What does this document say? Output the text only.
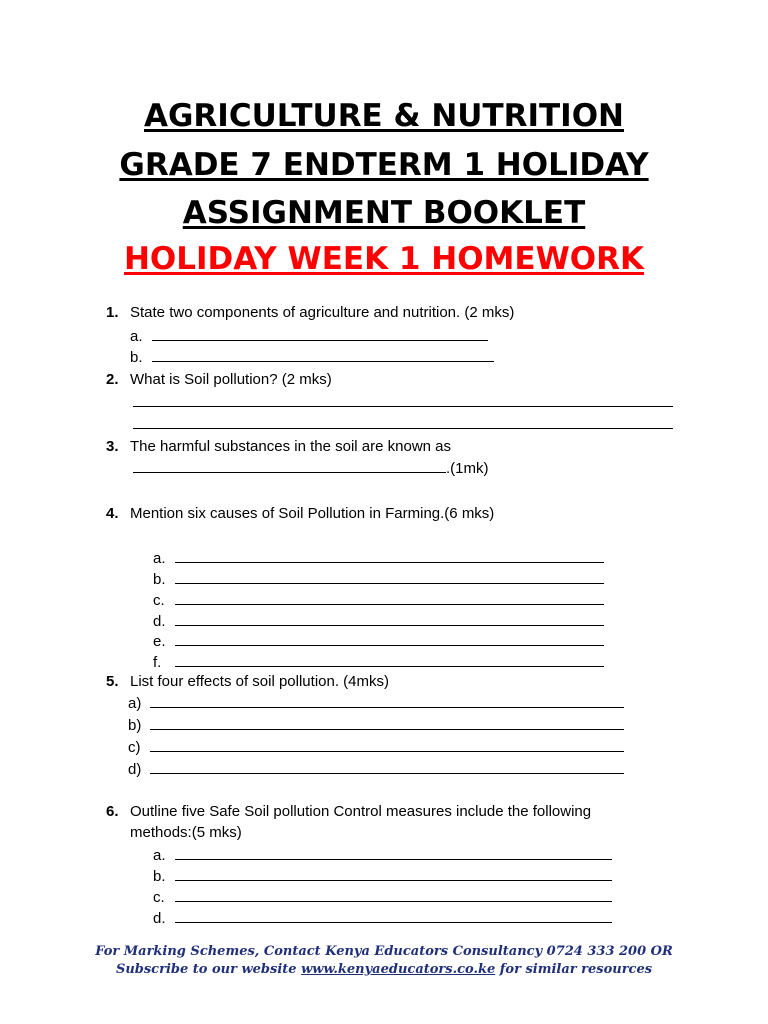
AGRICULTURE & NUTRITION
GRADE 7 ENDTERM 1 HOLIDAY
ASSIGNMENT BOOKLET
HOLIDAY WEEK 1 HOMEWORK
1. State two components of agriculture and nutrition. (2 mks)
a.
b.
2. What is Soil pollution? (2 mks)
3. The harmful substances in the soil are known as
.(1mk)
4. Mention six causes of Soil Pollution in Farming.(6 mks)
a.
b.
c.
d.
e.
f.
5. List four effects of soil pollution. (4mks)
a)
b)
c)
d)
6. Outline five Safe Soil pollution Control measures include the following
methods:(5 mks)
a.
b.
c.
d.
For Marking Schemes, Contact Kenya Educators Consultancy 0724 333 200 OR
Subscribe to our website www.kenyaeducators.co.ke for similar resources
